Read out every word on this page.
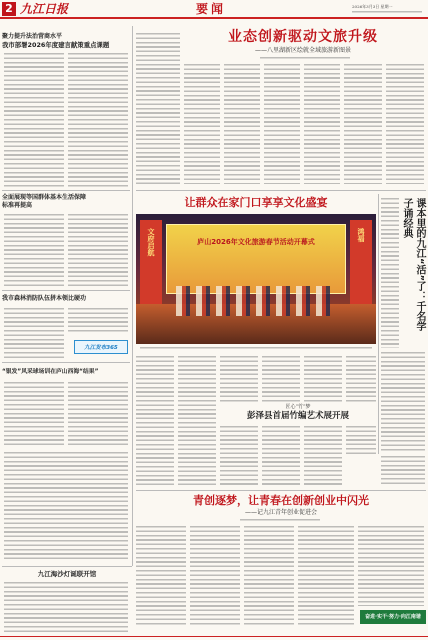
2 九江日报	要闻	2026年3月3日 星期一
聚力提升法治营商水平
我市部署2026年度建言献策重点课题
全面展现等国群体基本生活保障
标准再提高
我市森林消防队伍拼本领比硬功
九江发布365
“银发”风采球场训在庐山西海“结果”
业态创新驱动文旅升级
——八里湖新区绘就全域旅游新图景
让群众在家门口享享文化盛宴
庐山2026年文化旅游春节活动开幕式
文府启航	鸿福	课本里的九江“活”了：千名学子诵经典
匠心“竹”梦
彭泽县首届竹编艺术展开展
青创逐梦，让青春在创新创业中闪光
——记九江青年创业促进会
奋进·实干·努力·向江南谐
九江海沙灯诞联开馆
